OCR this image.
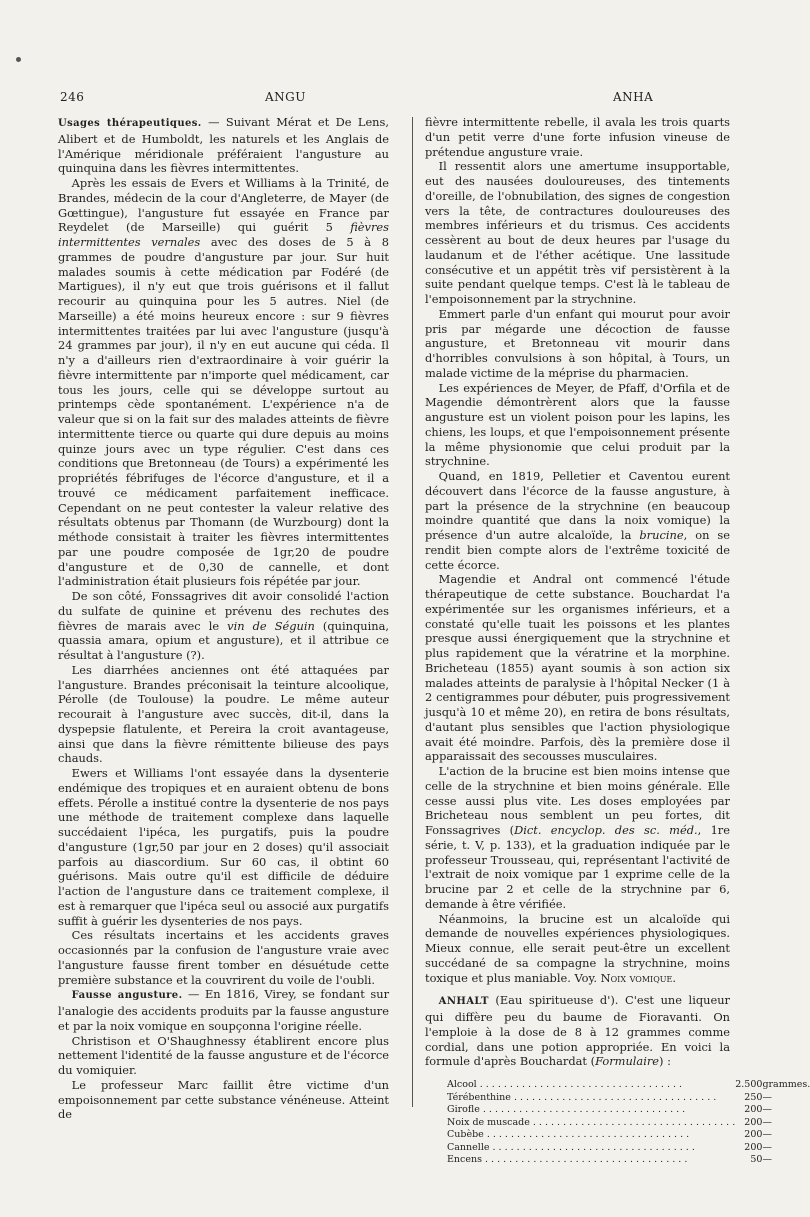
246	ANGU	ANHA

Usages thérapeutiques. — Suivant Mérat et De Lens, Alibert et de Humboldt, les naturels et les Anglais de l'Amérique méridionale préféraient l'angusture au quinquina dans les fièvres intermittentes.

Après les essais de Evers et Williams à la Trinité, de Brandes, médecin de la cour d'Angleterre, de Mayer (de Gœttingue), l'angusture fut essayée en France par Reydelet (de Marseille) qui guérit 5 fièvres intermittentes vernales avec des doses de 5 à 8 grammes de poudre d'angusture par jour. Sur huit malades soumis à cette médication par Fodéré (de Martigues), il n'y eut que trois guérisons et il fallut recourir au quinquina pour les 5 autres. Niel (de Marseille) a été moins heureux encore : sur 9 fièvres intermittentes traitées par lui avec l'angusture (jusqu'à 24 grammes par jour), il n'y en eut aucune qui céda. Il n'y a d'ailleurs rien d'extraordinaire à voir guérir la fièvre intermittente par n'importe quel médicament, car tous les jours, celle qui se développe surtout au printemps cède spontanément. L'expérience n'a de valeur que si on la fait sur des malades atteints de fièvre intermittente tierce ou quarte qui dure depuis au moins quinze jours avec un type régulier. C'est dans ces conditions que Bretonneau (de Tours) a expérimenté les propriétés fébrifuges de l'écorce d'angusture, et il a trouvé ce médicament parfaitement inefficace. Cependant on ne peut contester la valeur relative des résultats obtenus par Thomann (de Wurzbourg) dont la méthode consistait à traiter les fièvres intermittentes par une poudre composée de 1gr,20 de poudre d'angusture et de 0,30 de cannelle, et dont l'administration était plusieurs fois répétée par jour.

De son côté, Fonssagrives dit avoir consolidé l'action du sulfate de quinine et prévenu des rechutes des fièvres de marais avec le vin de Séguin (quinquina, quassia amara, opium et angusture), et il attribue ce résultat à l'angusture (?).

Les diarrhées anciennes ont été attaquées par l'angusture. Brandes préconisait la teinture alcoolique, Pérolle (de Toulouse) la poudre. Le même auteur recourait à l'angusture avec succès, dit-il, dans la dyspepsie flatulente, et Pereira la croit avantageuse, ainsi que dans la fièvre rémittente bilieuse des pays chauds.

Ewers et Williams l'ont essayée dans la dysenterie endémique des tropiques et en auraient obtenu de bons effets. Pérolle a institué contre la dysenterie de nos pays une méthode de traitement complexe dans laquelle succédaient l'ipéca, les purgatifs, puis la poudre d'angusture (1gr,50 par jour en 2 doses) qu'il associait parfois au diascordium. Sur 60 cas, il obtint 60 guérisons. Mais outre qu'il est difficile de déduire l'action de l'angusture dans ce traitement complexe, il est à remarquer que l'ipéca seul ou associé aux purgatifs suffit à guérir les dysenteries de nos pays.

Ces résultats incertains et les accidents graves occasionnés par la confusion de l'angusture vraie avec l'angusture fausse firent tomber en désuétude cette première substance et la couvrirent du voile de l'oubli.

Fausse angusture. — En 1816, Virey, se fondant sur l'analogie des accidents produits par la fausse angusture et par la noix vomique en soupçonna l'origine réelle.

Christison et O'Shaughnessy établirent encore plus nettement l'identité de la fausse angusture et de l'écorce du vomiquier.

Le professeur Marc faillit être victime d'un empoisonnement par cette substance vénéneuse. Atteint de

fièvre intermittente rebelle, il avala les trois quarts d'un petit verre d'une forte infusion vineuse de prétendue angusture vraie.

Il ressentit alors une amertume insupportable, eut des nausées douloureuses, des tintements d'oreille, de l'obnubilation, des signes de congestion vers la tête, de contractures douloureuses des membres inférieurs et du trismus. Ces accidents cessèrent au bout de deux heures par l'usage du laudanum et de l'éther acétique. Une lassitude consécutive et un appétit très vif persistèrent à la suite pendant quelque temps. C'est là le tableau de l'empoisonnement par la strychnine.

Emmert parle d'un enfant qui mourut pour avoir pris par mégarde une décoction de fausse angusture, et Bretonneau vit mourir dans d'horribles convulsions à son hôpital, à Tours, un malade victime de la méprise du pharmacien.

Les expériences de Meyer, de Pfaff, d'Orfila et de Magendie démontrèrent alors que la fausse angusture est un violent poison pour les lapins, les chiens, les loups, et que l'empoisonnement présente la même physionomie que celui produit par la strychnine.

Quand, en 1819, Pelletier et Caventou eurent découvert dans l'écorce de la fausse angusture, à part la présence de la strychnine (en beaucoup moindre quantité que dans la noix vomique) la présence d'un autre alcaloïde, la brucine, on se rendit bien compte alors de l'extrême toxicité de cette écorce.

Magendie et Andral ont commencé l'étude thérapeutique de cette substance. Bouchardat l'a expérimentée sur les organismes inférieurs, et a constaté qu'elle tuait les poissons et les plantes presque aussi énergiquement que la strychnine et plus rapidement que la vératrine et la morphine. Bricheteau (1855) ayant soumis à son action six malades atteints de paralysie à l'hôpital Necker (1 à 2 centigrammes pour débuter, puis progressivement jusqu'à 10 et même 20), en retira de bons résultats, d'autant plus sensibles que l'action physiologique avait été moindre. Parfois, dès la première dose il apparaissait des secousses musculaires.

L'action de la brucine est bien moins intense que celle de la strychnine et bien moins générale. Elle cesse aussi plus vite. Les doses employées par Bricheteau nous semblent un peu fortes, dit Fonssagrives (Dict. encyclop. des sc. méd., 1re série, t. V, p. 133), et la graduation indiquée par le professeur Trousseau, qui, représentant l'activité de l'extrait de noix vomique par 1 exprime celle de la brucine par 2 et celle de la strychnine par 6, demande à être vérifiée.

Néanmoins, la brucine est un alcaloïde qui demande de nouvelles expériences physiologiques. Mieux connue, elle serait peut-être un excellent succédané de sa compagne la strychnine, moins toxique et plus maniable. Voy. Noix vomique.

ANHALT (Eau spiritueuse d'). C'est une liqueur qui diffère peu du baume de Fioravanti. On l'emploie à la dose de 8 à 12 grammes comme cordial, dans une potion appropriée. En voici la formule d'après Bouchardat (Formulaire) :

Alcool . . .	2.500	grammes.
Térébenthine . . .	250	—
Girofle . . .	200	—
Noix de muscade . . .	200	—
Cubèbe . . .	200	—
Cannelle . . .	200	—
Encens . . .	50	—
